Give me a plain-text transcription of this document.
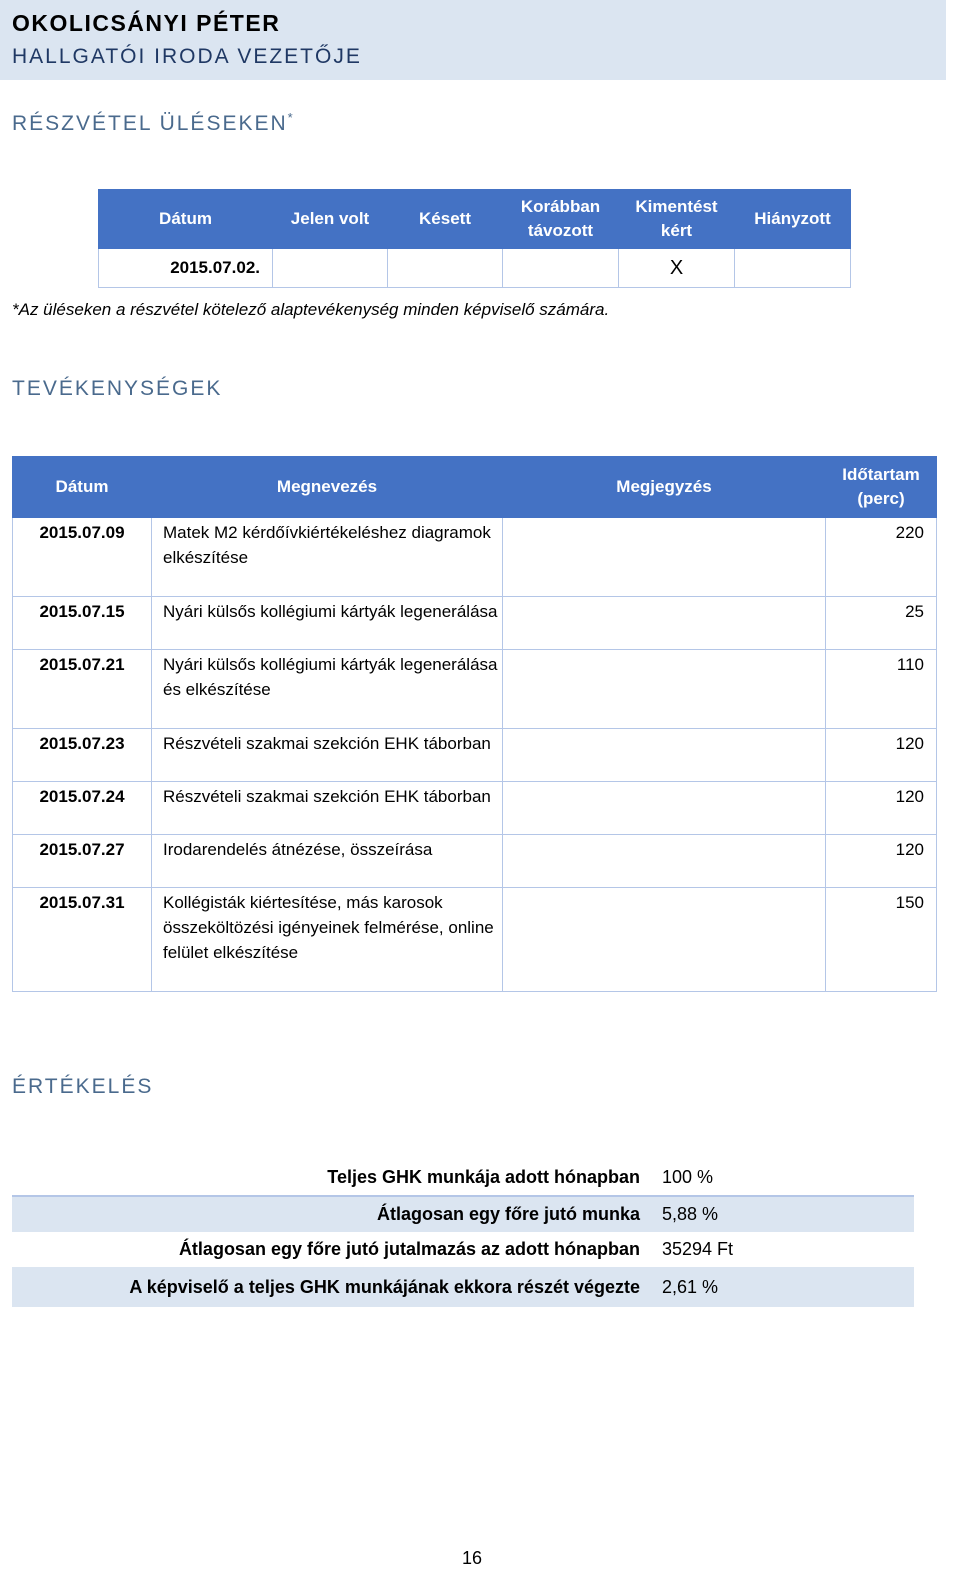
OKOLICSÁNYI PÉTER
HALLGATÓI IRODA VEZETŐJE
RÉSZVÉTEL ÜLÉSEKEN*
Dátum	Jelen volt	Késett	Korábban távozott	Kimentést kért	Hiányzott
2015.07.02.				X	
*Az üléseken a részvétel kötelező alaptevékenység minden képviselő számára.
TEVÉKENYSÉGEK
Dátum	Megnevezés	Megjegyzés	Időtartam (perc)
2015.07.09	Matek M2 kérdőívkiértékeléshez diagramok elkészítése		220
2015.07.15	Nyári külsős kollégiumi kártyák legenerálása		25
2015.07.21	Nyári külsős kollégiumi kártyák legenerálása és elkészítése		110
2015.07.23	Részvételi szakmai szekción EHK táborban		120
2015.07.24	Részvételi szakmai szekción EHK táborban		120
2015.07.27	Irodarendelés átnézése, összeírása		120
2015.07.31	Kollégisták kiértesítése, más karosok összeköltözési igényeinek felmérése, online felület elkészítése		150
ÉRTÉKELÉS
Teljes GHK munkája adott hónapban	100 %
Átlagosan egy főre jutó munka	5,88 %
Átlagosan egy főre jutó jutalmazás az adott hónapban	35294 Ft
A képviselő a teljes GHK munkájának ekkora részét végezte	2,61 %
16
